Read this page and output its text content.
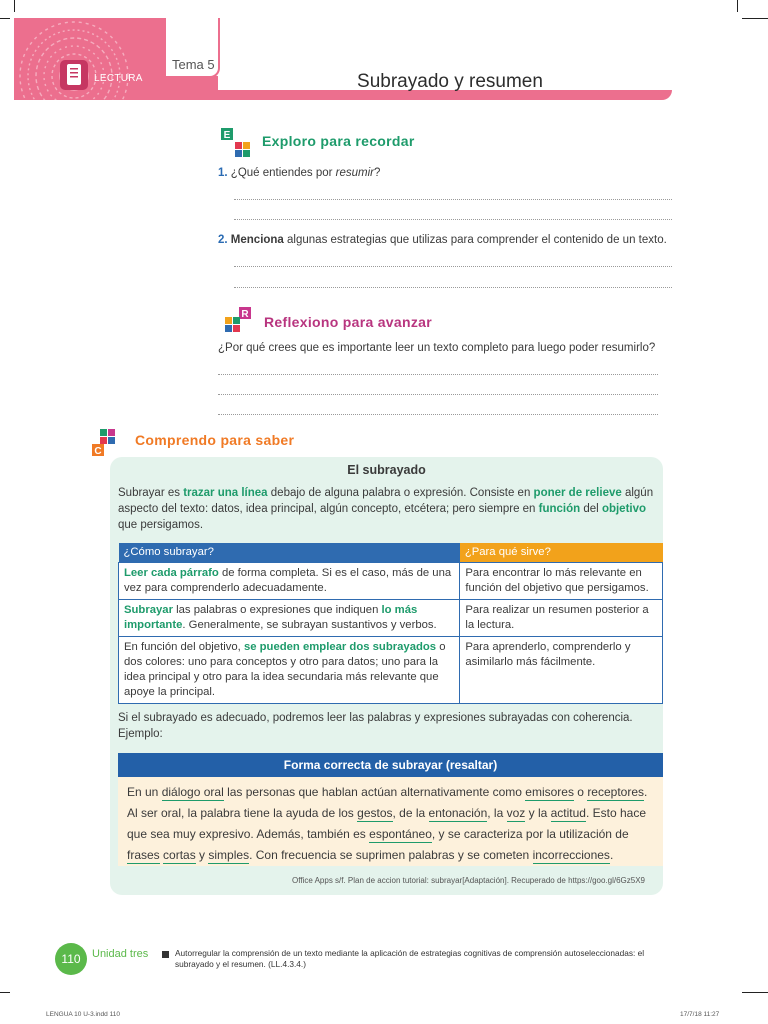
LECTURA
Tema 5
Subrayado y resumen
E Exploro para recordar
1. ¿Qué entiendes por resumir?
2. Menciona algunas estrategias que utilizas para comprender el contenido de un texto.
R Reflexiono para avanzar
¿Por qué crees que es importante leer un texto completo para luego poder resumirlo?
C
Comprendo para saber
El subrayado
Subrayar es trazar una línea debajo de alguna palabra o expresión. Consiste en poner de relieve algún aspecto del texto: datos, idea principal, algún concepto, etcétera; pero siempre en función del objetivo que persigamos.
¿Cómo subrayar?	¿Para qué sirve?
Leer cada párrafo de forma completa. Si es el caso, más de una vez para comprenderlo adecuadamente.	Para encontrar lo más relevante en función del objetivo que persigamos.
Subrayar las palabras o expresiones que indiquen lo más importante. Generalmente, se subrayan sustantivos y verbos.	Para realizar un resumen posterior a la lectura.
En función del objetivo, se pueden emplear dos subrayados o dos colores: uno para conceptos y otro para datos; uno para la idea principal y otro para la idea secundaria más relevante que apoye la principal.	Para aprenderlo, comprenderlo y asimilarlo más fácilmente.
Si el subrayado es adecuado, podremos leer las palabras y expresiones subrayadas con coherencia. Ejemplo:
Forma correcta de subrayar (resaltar)
En un diálogo oral las personas que hablan actúan alternativamente como emisores o receptores. Al ser oral, la palabra tiene la ayuda de los gestos, de la entonación, la voz y la actitud. Esto hace que sea muy expresivo. Además, también es espontáneo, y se caracteriza por la utilización de frases cortas y simples. Con frecuencia se suprimen palabras y se cometen incorrecciones.
Office Apps s/f. Plan de accion tutorial: subrayar[Adaptación]. Recuperado de https://goo.gl/6Gz5X9
110	Unidad tres	Autorregular la comprensión de un texto mediante la aplicación de estrategias cognitivas de comprensión autoseleccionadas: el subrayado y el resumen. (LL.4.3.4.)
LENGUA 10 U-3.indd 110	17/7/18 11:27
